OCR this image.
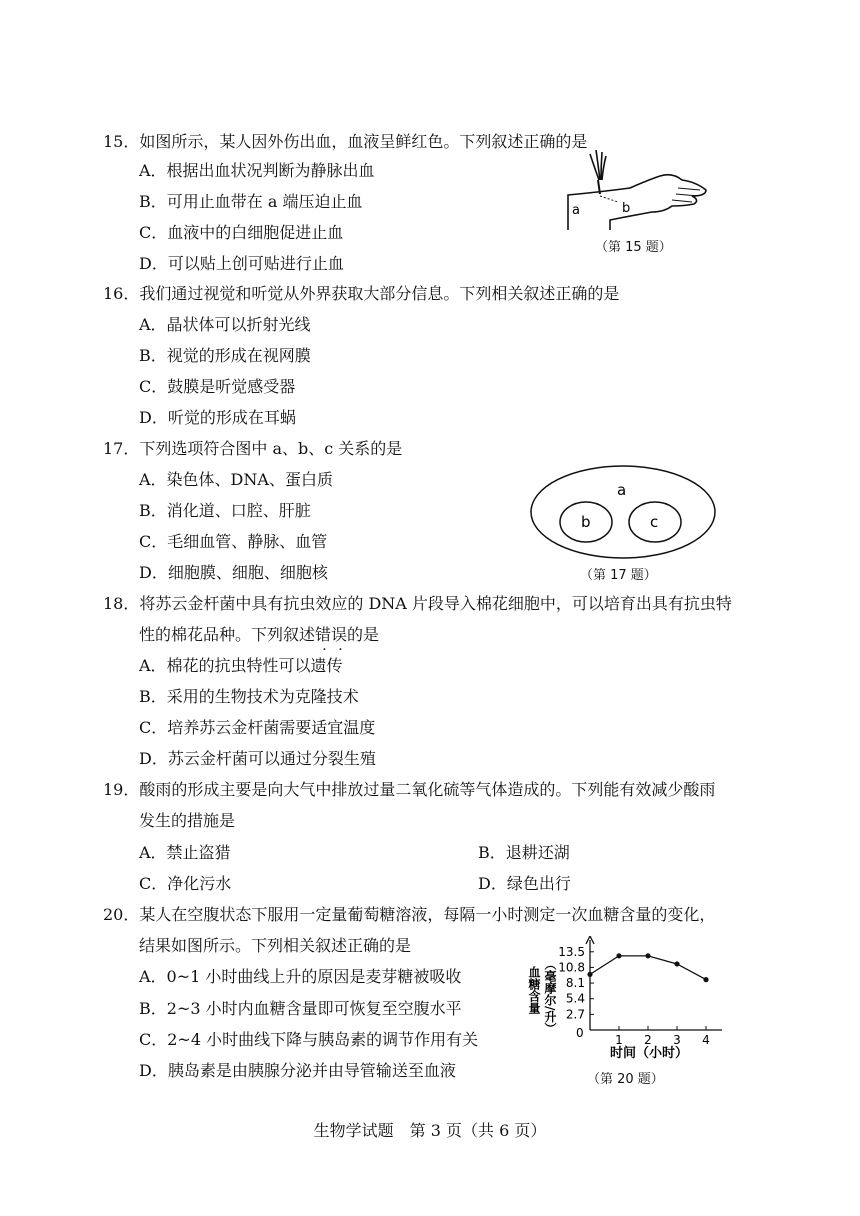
15．如图所示，某人因外伤出血，血液呈鲜红色。下列叙述正确的是
A．根据出血状况判断为静脉出血
B．可用止血带在 a 端压迫止血
C．血液中的白细胞促进止血
D．可以贴上创可贴进行止血
a	b
（第 15 题）
16．我们通过视觉和听觉从外界获取大部分信息。下列相关叙述正确的是
A．晶状体可以折射光线
B．视觉的形成在视网膜
C．鼓膜是听觉感受器
D．听觉的形成在耳蜗
17．下列选项符合图中 a、b、c 关系的是
A．染色体、DNA、蛋白质
B．消化道、口腔、肝脏
C．毛细血管、静脉、血管
D．细胞膜、细胞、细胞核
a
b	c
（第 17 题）
18．将苏云金杆菌中具有抗虫效应的 DNA 片段导入棉花细胞中，可以培育出具有抗虫特
性的棉花品种。下列叙述错误的是
A．棉花的抗虫特性可以遗传
B．采用的生物技术为克隆技术
C．培养苏云金杆菌需要适宜温度
D．苏云金杆菌可以通过分裂生殖
19．酸雨的形成主要是向大气中排放过量二氧化硫等气体造成的。下列能有效减少酸雨
发生的措施是
A．禁止盗猎	B．退耕还湖
C．净化污水	D．绿色出行
20．某人在空腹状态下服用一定量葡萄糖溶液，每隔一小时测定一次血糖含量的变化，
结果如图所示。下列相关叙述正确的是
A．0~1 小时曲线上升的原因是麦芽糖被吸收
B．2~3 小时内血糖含量即可恢复至空腹水平
C．2~4 小时曲线下降与胰岛素的调节作用有关
D．胰岛素是由胰腺分泌并由导管输送至血液
血糖含量 （毫摩尔/升） 0
2.7
5.4
8.1
10.8
13.5
1 2 3 4
时间（小时）
（第 20 题）
生物学试题　第 3 页（共 6 页）
